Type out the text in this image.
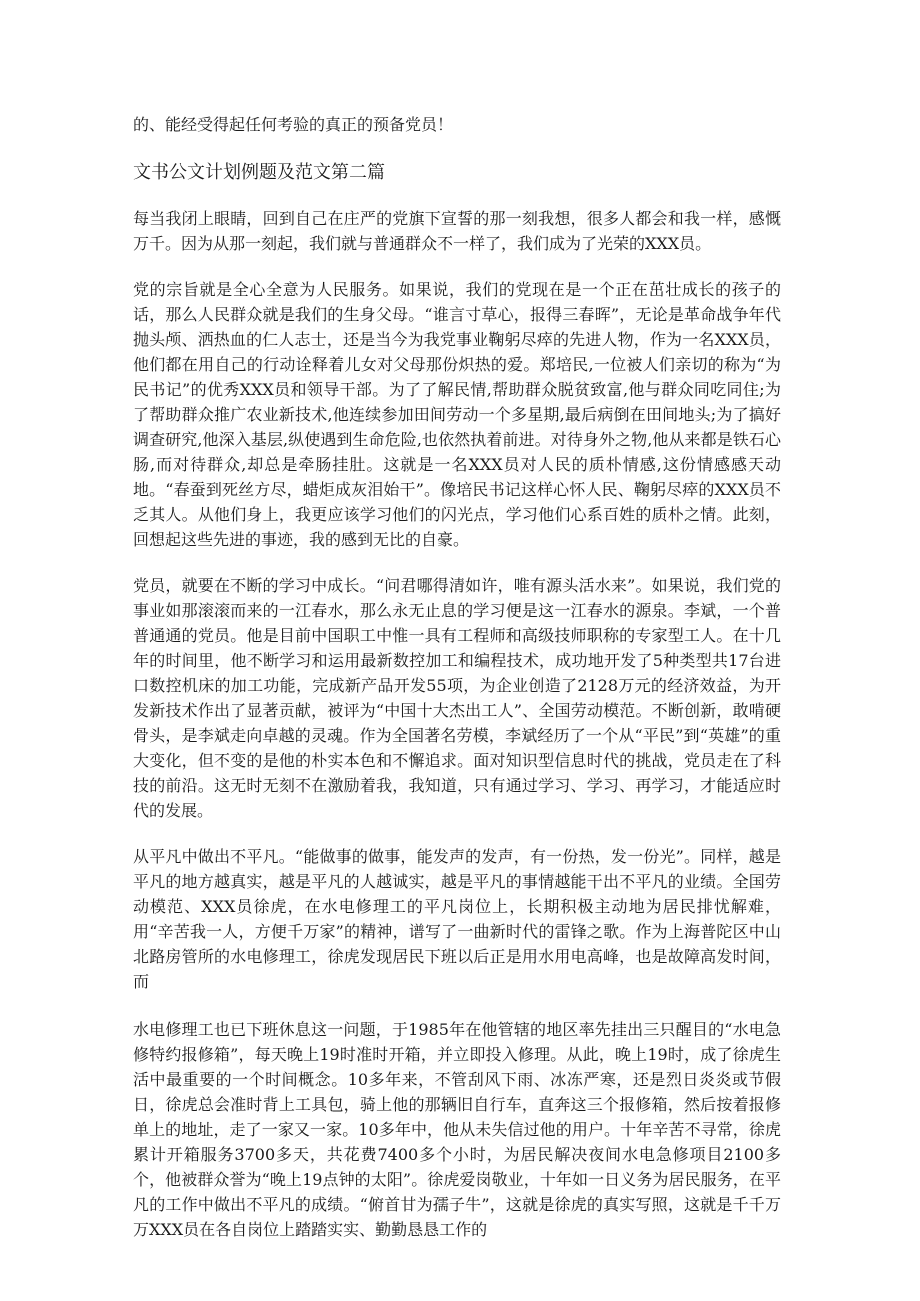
的、能经受得起任何考验的真正的预备党员！

文书公文计划例题及范文第二篇

每当我闭上眼睛，回到自己在庄严的党旗下宣誓的那一刻我想，很多人都会和我一样，感慨万千。因为从那一刻起，我们就与普通群众不一样了，我们成为了光荣的XXX员。

党的宗旨就是全心全意为人民服务。如果说，我们的党现在是一个正在茁壮成长的孩子的话，那么人民群众就是我们的生身父母。“谁言寸草心，报得三春晖”，无论是革命战争年代抛头颅、洒热血的仁人志士，还是当今为我党事业鞠躬尽瘁的先进人物，作为一名XXX员，他们都在用自己的行动诠释着儿女对父母那份炽热的爱。郑培民,一位被人们亲切的称为“为民书记”的优秀XXX员和领导干部。为了了解民情,帮助群众脱贫致富,他与群众同吃同住;为了帮助群众推广农业新技术,他连续参加田间劳动一个多星期,最后病倒在田间地头;为了搞好调查研究,他深入基层,纵使遇到生命危险,也依然执着前进。对待身外之物,他从来都是铁石心肠,而对待群众,却总是牵肠挂肚。这就是一名XXX员对人民的质朴情感,这份情感感天动地。“春蚕到死丝方尽，蜡炬成灰泪始干”。像培民书记这样心怀人民、鞠躬尽瘁的XXX员不乏其人。从他们身上，我更应该学习他们的闪光点，学习他们心系百姓的质朴之情。此刻，回想起这些先进的事迹，我的感到无比的自豪。

党员，就要在不断的学习中成长。“问君哪得清如许，唯有源头活水来”。如果说，我们党的事业如那滚滚而来的一江春水，那么永无止息的学习便是这一江春水的源泉。李斌，一个普普通通的党员。他是目前中国职工中惟一具有工程师和高级技师职称的专家型工人。在十几年的时间里，他不断学习和运用最新数控加工和编程技术，成功地开发了5种类型共17台进口数控机床的加工功能，完成新产品开发55项，为企业创造了2128万元的经济效益，为开发新技术作出了显著贡献，被评为“中国十大杰出工人”、全国劳动模范。不断创新，敢啃硬骨头，是李斌走向卓越的灵魂。作为全国著名劳模，李斌经历了一个从“平民”到“英雄”的重大变化，但不变的是他的朴实本色和不懈追求。面对知识型信息时代的挑战，党员走在了科技的前沿。这无时无刻不在激励着我，我知道，只有通过学习、学习、再学习，才能适应时代的发展。

从平凡中做出不平凡。“能做事的做事，能发声的发声，有一份热，发一份光”。同样，越是平凡的地方越真实，越是平凡的人越诚实，越是平凡的事情越能干出不平凡的业绩。全国劳动模范、XXX员徐虎，在水电修理工的平凡岗位上，长期积极主动地为居民排忧解难，用“辛苦我一人，方便千万家”的精神，谱写了一曲新时代的雷锋之歌。作为上海普陀区中山北路房管所的水电修理工，徐虎发现居民下班以后正是用水用电高峰，也是故障高发时间，而

水电修理工也已下班休息这一问题，于1985年在他管辖的地区率先挂出三只醒目的“水电急修特约报修箱”，每天晚上19时准时开箱，并立即投入修理。从此，晚上19时，成了徐虎生活中最重要的一个时间概念。10多年来，不管刮风下雨、冰冻严寒，还是烈日炎炎或节假日，徐虎总会准时背上工具包，骑上他的那辆旧自行车，直奔这三个报修箱，然后按着报修单上的地址，走了一家又一家。10多年中，他从未失信过他的用户。十年辛苦不寻常，徐虎累计开箱服务3700多天，共花费7400多个小时，为居民解决夜间水电急修项目2100多个，他被群众誉为“晚上19点钟的太阳”。徐虎爱岗敬业，十年如一日义务为居民服务，在平凡的工作中做出不平凡的成绩。“俯首甘为孺子牛”，这就是徐虎的真实写照，这就是千千万万XXX员在各自岗位上踏踏实实、勤勤恳恳工作的
